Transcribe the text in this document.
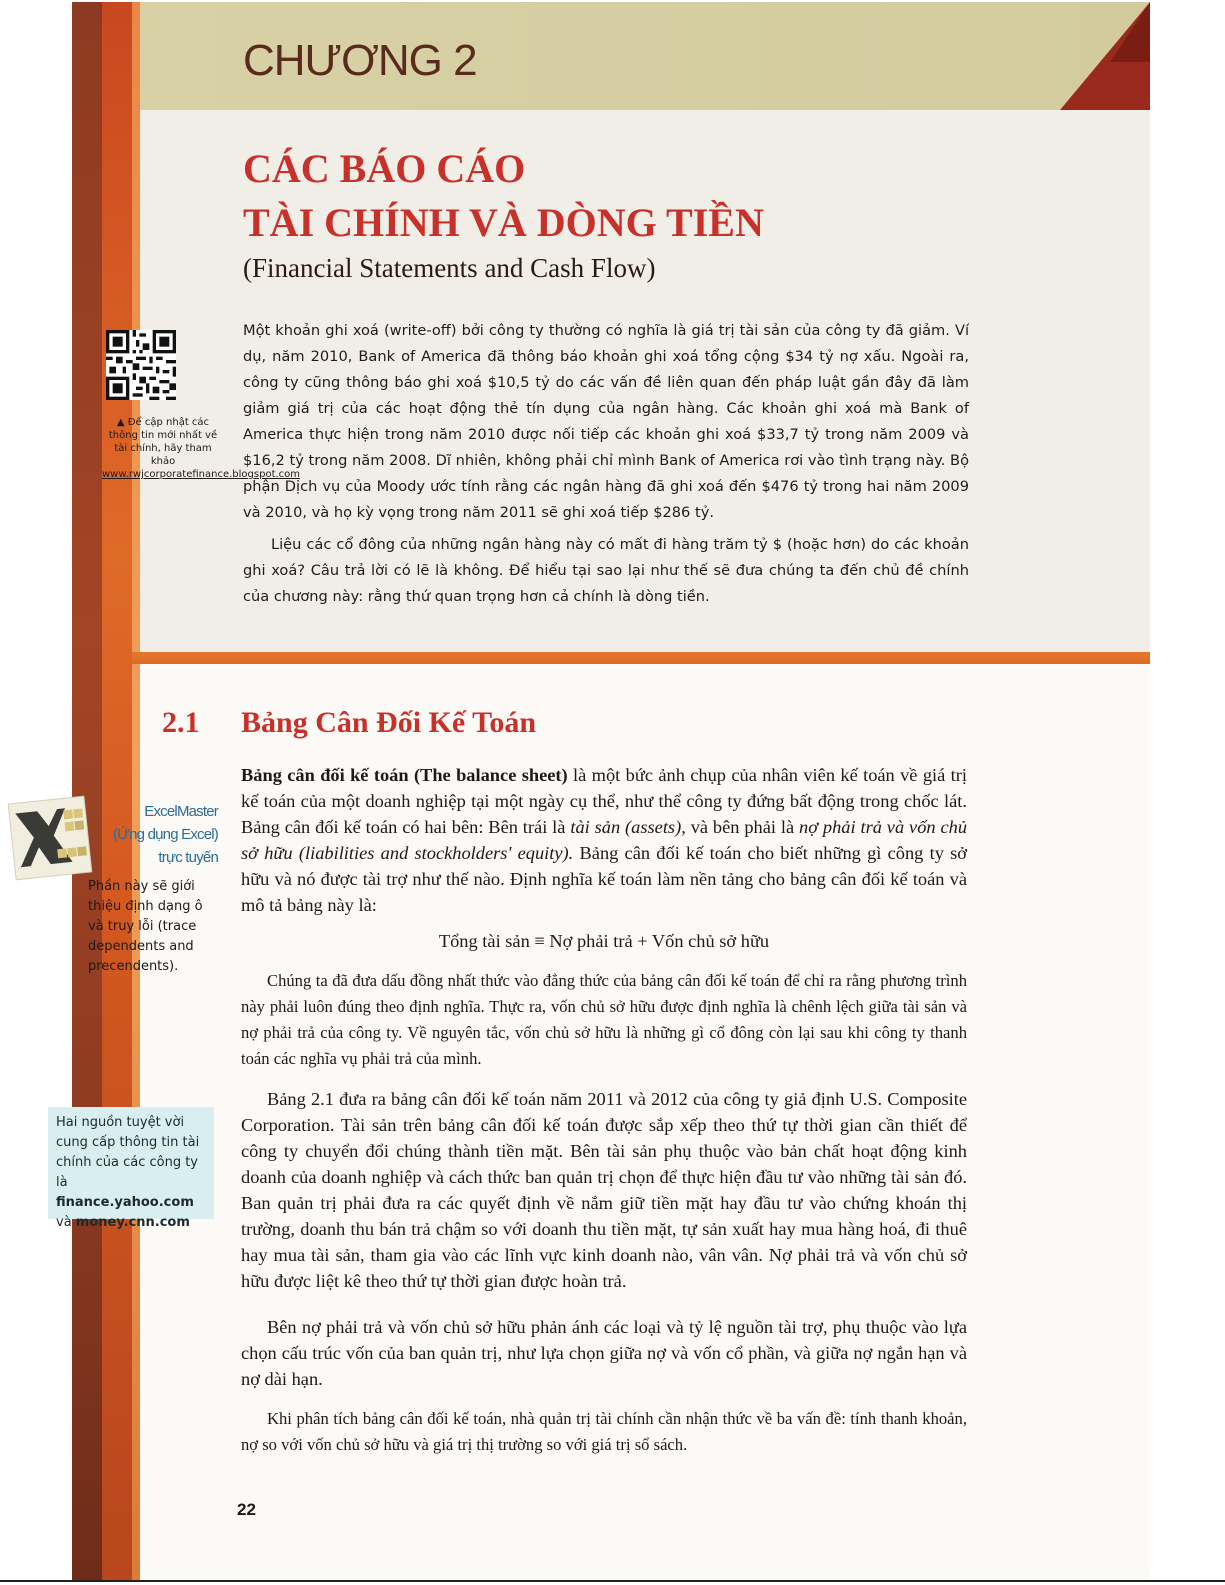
CHƯƠNG 2
CÁC BÁO CÁO
TÀI CHÍNH VÀ DÒNG TIỀN
(Financial Statements and Cash Flow)
▲ Để cập nhật các thông tin mới nhất về tài chính, hãy tham khảo www.rwjcorporatefinance.blogspot.com

Một khoản ghi xoá (write-off) bởi công ty thường có nghĩa là giá trị tài sản của công ty đã giảm. Ví dụ, năm 2010, Bank of America đã thông báo khoản ghi xoá tổng cộng $34 tỷ nợ xấu. Ngoài ra, công ty cũng thông báo ghi xoá $10,5 tỷ do các vấn đề liên quan đến pháp luật gần đây đã làm giảm giá trị của các hoạt động thẻ tín dụng của ngân hàng. Các khoản ghi xoá mà Bank of America thực hiện trong năm 2010 được nối tiếp các khoản ghi xoá $33,7 tỷ trong năm 2009 và $16,2 tỷ trong năm 2008. Dĩ nhiên, không phải chỉ mình Bank of America rơi vào tình trạng này. Bộ phận Dịch vụ của Moody ước tính rằng các ngân hàng đã ghi xoá đến $476 tỷ trong hai năm 2009 và 2010, và họ kỳ vọng trong năm 2011 sẽ ghi xoá tiếp $286 tỷ.

Liệu các cổ đông của những ngân hàng này có mất đi hàng trăm tỷ $ (hoặc hơn) do các khoản ghi xoá? Câu trả lời có lẽ là không. Để hiểu tại sao lại như thế sẽ đưa chúng ta đến chủ đề chính của chương này: rằng thứ quan trọng hơn cả chính là dòng tiền.

2.1 Bảng Cân Đối Kế Toán

Bảng cân đối kế toán (The balance sheet) là một bức ảnh chụp của nhân viên kế toán về giá trị kế toán của một doanh nghiệp tại một ngày cụ thể, như thể công ty đứng bất động trong chốc lát. Bảng cân đối kế toán có hai bên: Bên trái là tài sản (assets), và bên phải là nợ phải trả và vốn chủ sở hữu (liabilities and stockholders' equity). Bảng cân đối kế toán cho biết những gì công ty sở hữu và nó được tài trợ như thế nào. Định nghĩa kế toán làm nền tảng cho bảng cân đối kế toán và mô tả bảng này là:

Tổng tài sản ≡ Nợ phải trả + Vốn chủ sở hữu

Chúng ta đã đưa dấu đồng nhất thức vào đẳng thức của bảng cân đối kế toán để chỉ ra rằng phương trình này phải luôn đúng theo định nghĩa. Thực ra, vốn chủ sở hữu được định nghĩa là chênh lệch giữa tài sản và nợ phải trả của công ty. Về nguyên tắc, vốn chủ sở hữu là những gì cổ đông còn lại sau khi công ty thanh toán các nghĩa vụ phải trả của mình.

Bảng 2.1 đưa ra bảng cân đối kế toán năm 2011 và 2012 của công ty giả định U.S. Composite Corporation. Tài sản trên bảng cân đối kế toán được sắp xếp theo thứ tự thời gian cần thiết để công ty chuyển đổi chúng thành tiền mặt. Bên tài sản phụ thuộc vào bản chất hoạt động kinh doanh của doanh nghiệp và cách thức ban quản trị chọn để thực hiện đầu tư vào những tài sản đó. Ban quản trị phải đưa ra các quyết định về nắm giữ tiền mặt hay đầu tư vào chứng khoán thị trường, doanh thu bán trả chậm so với doanh thu tiền mặt, tự sản xuất hay mua hàng hoá, đi thuê hay mua tài sản, tham gia vào các lĩnh vực kinh doanh nào, vân vân. Nợ phải trả và vốn chủ sở hữu được liệt kê theo thứ tự thời gian được hoàn trả.

Bên nợ phải trả và vốn chủ sở hữu phản ánh các loại và tỷ lệ nguồn tài trợ, phụ thuộc vào lựa chọn cấu trúc vốn của ban quản trị, như lựa chọn giữa nợ và vốn cổ phần, và giữa nợ ngắn hạn và nợ dài hạn.

Khi phân tích bảng cân đối kế toán, nhà quản trị tài chính cần nhận thức về ba vấn đề: tính thanh khoản, nợ so với vốn chủ sở hữu và giá trị thị trường so với giá trị sổ sách.

ExcelMaster
(Ứng dụng Excel)
trực tuyến
Phần này sẽ giới thiệu định dạng ô và truy lỗi (trace dependents and precendents).
Hai nguồn tuyệt vời cung cấp thông tin tài chính của các công ty là finance.yahoo.com và money.cnn.com
22
